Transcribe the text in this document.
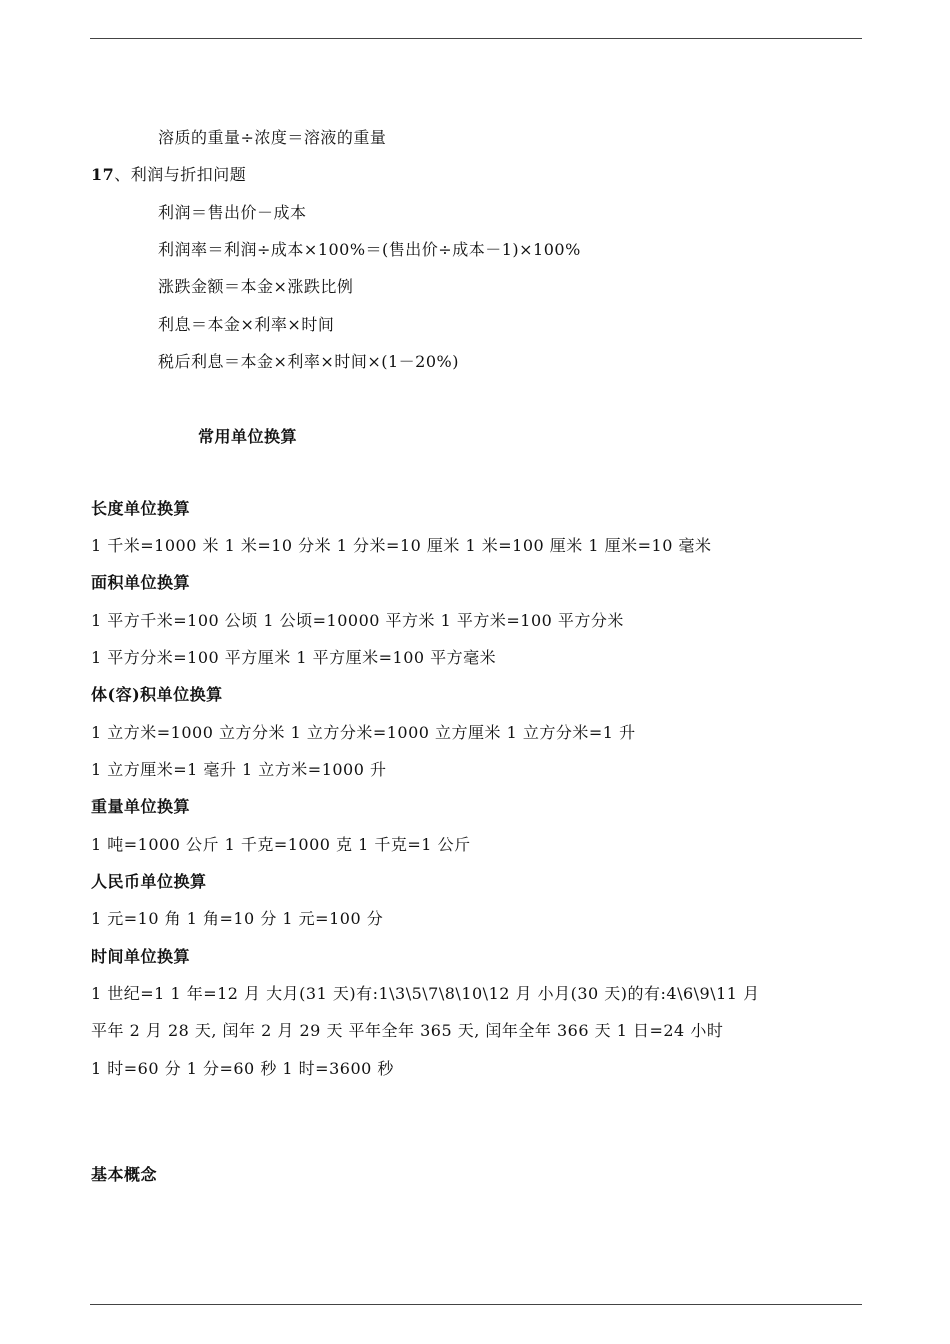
溶质的重量÷浓度＝溶液的重量
17、利润与折扣问题
利润＝售出价－成本
利润率＝利润÷成本×100%＝(售出价÷成本－1)×100%
涨跌金额＝本金×涨跌比例
利息＝本金×利率×时间
税后利息＝本金×利率×时间×(1－20%)
常用单位换算
长度单位换算
1 千米=1000 米 1 米=10 分米 1 分米=10 厘米 1 米=100 厘米 1 厘米=10 毫米
面积单位换算
1 平方千米=100 公顷 1 公顷=10000 平方米 1 平方米=100 平方分米
1 平方分米=100 平方厘米 1 平方厘米=100 平方毫米
体(容)积单位换算
1 立方米=1000 立方分米 1 立方分米=1000 立方厘米 1 立方分米=1 升
1 立方厘米=1 毫升 1 立方米=1000 升
重量单位换算
1 吨=1000 公斤 1 千克=1000 克 1 千克=1 公斤
人民币单位换算
1 元=10 角 1 角=10 分 1 元=100 分
时间单位换算
1 世纪=1 1 年=12 月 大月(31 天)有:1\3\5\7\8\10\12 月 小月(30 天)的有:4\6\9\11 月
平年 2 月 28 天, 闰年 2 月 29 天 平年全年 365 天, 闰年全年 366 天 1 日=24 小时
1 时=60 分 1 分=60 秒 1 时=3600 秒
基本概念
